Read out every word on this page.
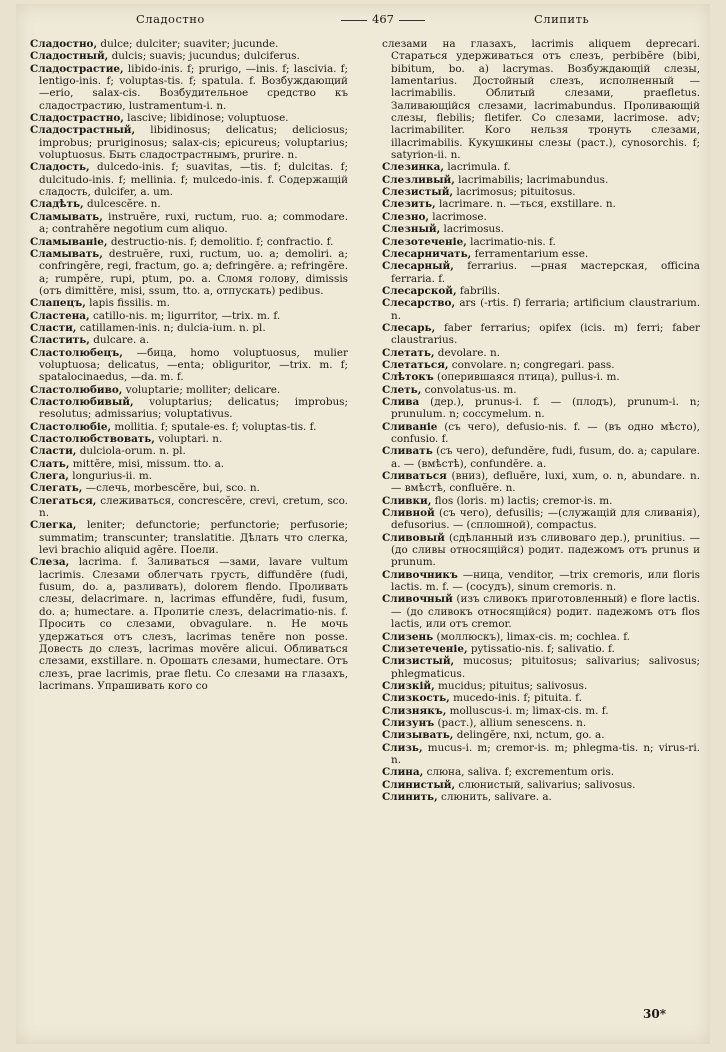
Сладостно	467	Слипить
Сладостно, dulce; dulciter; suaviter; jucunde.
Сладостный, dulcis; suavis; jucundus; dulciferus.
Сладострастие, libido-inis. f; prurigo, —inis. f; lascivia. f; lentigo-inis. f; voluptas-tis. f; spatula. f. Возбуждающий —erio, salax-cis. Возбудительное средство къ сладострастию, lustramentum-i. n.
Сладострастно, lascive; libidinose; voluptuose.
Сладострастный, libidinosus; delicatus; deliciosus; improbus; pruriginosus; salax-cis; epicureus; voluptarius; voluptuosus. Быть сладострастнымъ, prurire. n.
Сладость, dulcedo-inis. f; suavitas, —tis. f; dulcitas. f; dulcitudo-inis. f; mellinia. f; mulcedo-inis. f. Содержащій сладость, dulcifer, a. um.
Сладѣть, dulcescĕre. n.
Сламывать, instruĕre, ruxi, ructum, ruo. a; commodare. a; contrahĕre negotium cum aliquo.
Сламываніе, destructio-nis. f; demolitio. f; confractio. f.
Сламывать, destruĕre, ruxi, ructum, uo. a; demoliri. a; confringĕre, regi, fractum, go. a; defringĕre. a; refringĕre. a; rumpĕre, rupi, ptum, po. a. Сломя голову, dimissis (отъ dimittĕre, misi, ssum, tto. a, отпускать) pedibus.
Слапецъ, lapis fissilis. m.
Сластена, catillo-nis. m; ligurritor, —trix. m. f.
Сласти, catillamen-inis. n; dulcia-ium. n. pl.
Сластить, dulcare. a.
Сластолюбецъ, —бица, homo voluptuosus, mulier voluptuosa; delicatus, —enta; obliguritor, —trix. m. f; spatalocinaedus, —da. m. f.
Сластолюбиво, voluptarie; molliter; delicare.
Сластолюбивый, voluptarius; delicatus; improbus; resolutus; admissarius; voluptativus.
Сластолюбіе, mollitia. f; sputale-es. f; voluptas-tis. f.
Сластолюбствовать, voluptari. n.
Сласти, dulciola-orum. n. pl.
Слать, mittĕre, misi, missum. tto. a.
Слега, longurius-ii. m.
Слегать, —слечь, morbescĕre, bui, sco. n.
Слегаться, слеживаться, concrescĕre, crevi, cretum, sco. n.
Слегка, leniter; defunctorie; perfunctorie; perfusorie; summatim; transcunter; translatitie. Дѣлать что слегка, levi brachio aliquid agĕre. Поели.
Слеза, lacrima. f. Заливаться —зами, lavare vultum lacrimis. Слезами облегчать грусть, diffundĕre (fudi, fusum, do. a, разливать), dolorem flendo. Проливать слезы, delacrimare. n, lacrimas effundĕre, fudi, fusum, do. a; humectare. a. Пролитіе слезъ, delacrimatio-nis. f. Просить со слезами, obvagulare. n. Не мочь удержаться отъ слезъ, lacrimas tenĕre non posse. Довесть до слезъ, lacrimas movĕre alicui. Обливаться слезами, exstillare. n. Орошать слезами, humectare. Отъ слезъ, prae lacrimis, prae fletu. Со слезами на глазахъ, lacrimans. Упрашивать кого со
слезами на глазахъ, lacrimis aliquem deprecari. Стараться удерживаться отъ слезъ, perbibĕre (bibi, bibitum, bo. a) lacrymas. Возбуждающій слезы, lamentarius. Достойный слезъ, исполненный — lacrimabilis. Облитый слезами, praefletus. Заливающійся слезами, lacrimabundus. Проливающій слезы, flebilis; fletifer. Со слезами, lacrimose. adv; lacrimabiliter. Кого нельзя тронуть слезами, illacrimabilis. Кукушкины слезы (раст.), cynosorchis. f; satyrion-ii. n.
Слезинка, lacrimula. f.
Слезливый, lacrimabilis; lacrimabundus.
Слезистый, lacrimosus; pituitosus.
Слезить, lacrimare. n. —ться, exstillare. n.
Слезно, lacrimose.
Слезный, lacrimosus.
Слезотеченіе, lacrimatio-nis. f.
Слесарничать, ferramentarium esse.
Слесарный, ferrarius. —рная мастерская, officina ferraria. f.
Слесарской, fabrilis.
Слесарство, ars (-rtis. f) ferraria; artificium claustrarium. n.
Слесарь, faber ferrarius; opifex (icis. m) ferri; faber claustrarius.
Слетать, devolare. n.
Слетаться, convolare. n; congregari. pass.
Слѣтокъ (оперившаяся птица), pullus-i. m.
Слеть, convolatus-us. m.
Слива (дер.), prunus-i. f. — (плодъ), prunum-i. n; prunulum. n; coccymelum. n.
Сливаніе (съ чего), defusio-nis. f. — (въ одно мѣсто), confusio. f.
Сливать (съ чего), defundĕre, fudi, fusum, do. a; capulare. a. — (вмѣстѣ), confundĕre. a.
Сливаться (вниз), defluĕre, luxi, xum, o. n, abundare. n. — вмѣстѣ, confluĕre. n.
Сливки, flos (loris. m) lactis; cremor-is. m.
Сливной (съ чего), defusilis; —(служащій для сливанія), defusorius. — (сплошной), compactus.
Сливовый (сдѣланный изъ сливоваго дер.), prunitius. — (до сливы относящійся) родит. падежомъ отъ prunus и prunum.
Сливочникъ —ница, venditor, —trix cremoris, или floris lactis. m. f. — (сосудъ), sinum cremoris. n.
Сливочный (изъ сливокъ приготовленный) e flore lactis. — (до сливокъ относящійся) родит. падежомъ отъ flos lactis, или отъ cremor.
Слизень (моллюскъ), limax-cis. m; cochlea. f.
Слизетеченіе, pytissatio-nis. f; salivatio. f.
Слизистый, mucosus; pituitosus; salivarius; salivosus; phlegmaticus.
Слизкій, mucidus; pituitus; salivosus.
Слизкость, mucedo-inis. f; pituita. f.
Слизнякъ, molluscus-i. m; limax-cis. m. f.
Слизунъ (раст.), allium senescens. n.
Слизывать, delingĕre, nxi, nctum, go. a.
Слизь, mucus-i. m; cremor-is. m; phlegma-tis. n; virus-ri. n.
Слина, слюна, saliva. f; excrementum oris.
Слинистый, слюнистый, salivarius; salivosus.
Слинить, слюнить, salivare. a.
30*
